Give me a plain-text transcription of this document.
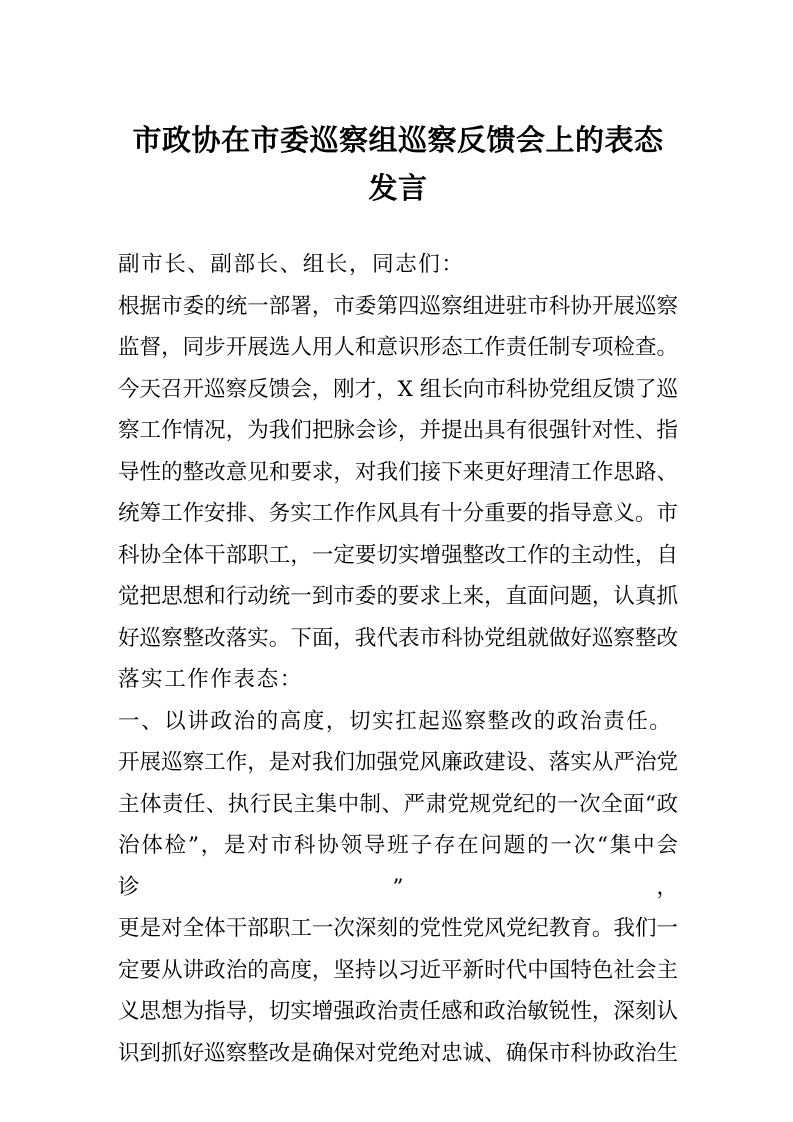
市政协在市委巡察组巡察反馈会上的表态
发言
副市长、副部长、组长，同志们：
根据市委的统一部署，市委第四巡察组进驻市科协开展巡察
监督，同步开展选人用人和意识形态工作责任制专项检查。
今天召开巡察反馈会，刚才，X 组长向市科协党组反馈了巡
察工作情况，为我们把脉会诊，并提出具有很强针对性、指
导性的整改意见和要求，对我们接下来更好理清工作思路、
统筹工作安排、务实工作作风具有十分重要的指导意义。市
科协全体干部职工，一定要切实增强整改工作的主动性，自
觉把思想和行动统一到市委的要求上来，直面问题，认真抓
好巡察整改落实。下面，我代表市科协党组就做好巡察整改
落实工作作表态：
一、以讲政治的高度，切实扛起巡察整改的政治责任。
开展巡察工作，是对我们加强党风廉政建设、落实从严治党
主体责任、执行民主集中制、严肃党规党纪的一次全面“政
治体检”，是对市科协领导班子存在问题的一次“集中会诊”，
更是对全体干部职工一次深刻的党性党风党纪教育。我们一
定要从讲政治的高度，坚持以习近平新时代中国特色社会主
义思想为指导，切实增强政治责任感和政治敏锐性，深刻认
识到抓好巡察整改是确保对党绝对忠诚、确保市科协政治生
